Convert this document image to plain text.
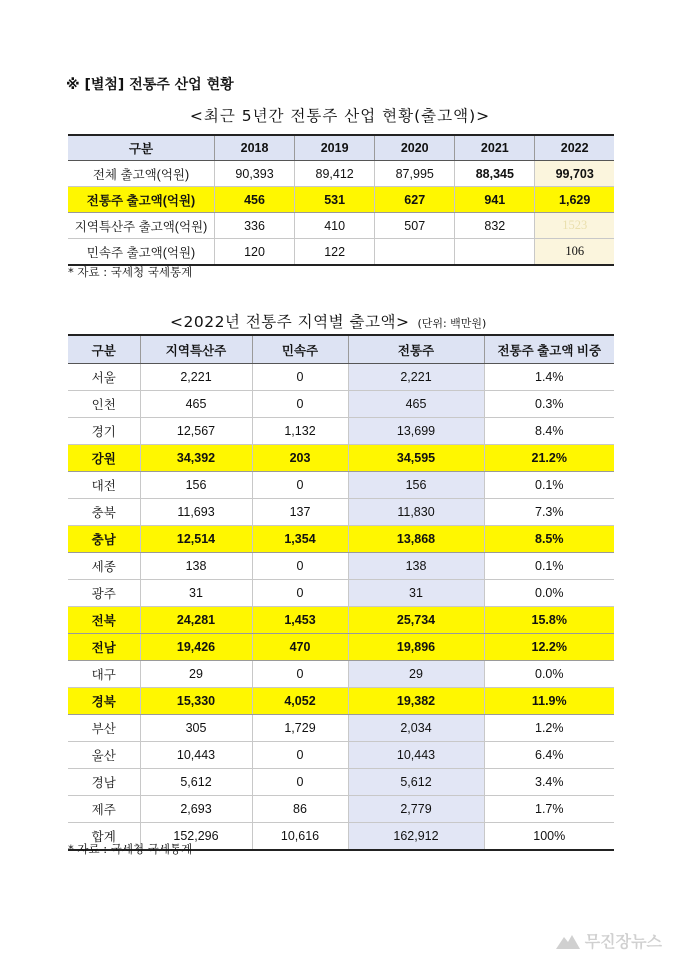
※ [별첨] 전통주 산업 현황
<최근 5년간 전통주 산업 현황(출고액)>
구분	2018	2019	2020	2021	2022
전체 출고액(억원)	90,393	89,412	87,995	88,345	99,703
전통주 출고액(억원)	456	531	627	941	1,629
지역특산주 출고액(억원)	336	410	507	832	1523
민속주 출고액(억원)	120	122			106
* 자료 : 국세청 국세통계
<2022년 전통주 지역별 출고액> (단위: 백만원)
구분	지역특산주	민속주	전통주	전통주 출고액 비중
서울	2,221	0	2,221	1.4%
인천	465	0	465	0.3%
경기	12,567	1,132	13,699	8.4%
강원	34,392	203	34,595	21.2%
대전	156	0	156	0.1%
충북	11,693	137	11,830	7.3%
충남	12,514	1,354	13,868	8.5%
세종	138	0	138	0.1%
광주	31	0	31	0.0%
전북	24,281	1,453	25,734	15.8%
전남	19,426	470	19,896	12.2%
대구	29	0	29	0.0%
경북	15,330	4,052	19,382	11.9%
부산	305	1,729	2,034	1.2%
울산	10,443	0	10,443	6.4%
경남	5,612	0	5,612	3.4%
제주	2,693	86	2,779	1.7%
합계	152,296	10,616	162,912	100%
* 자료 : 국세청 국세통계
무진장뉴스
